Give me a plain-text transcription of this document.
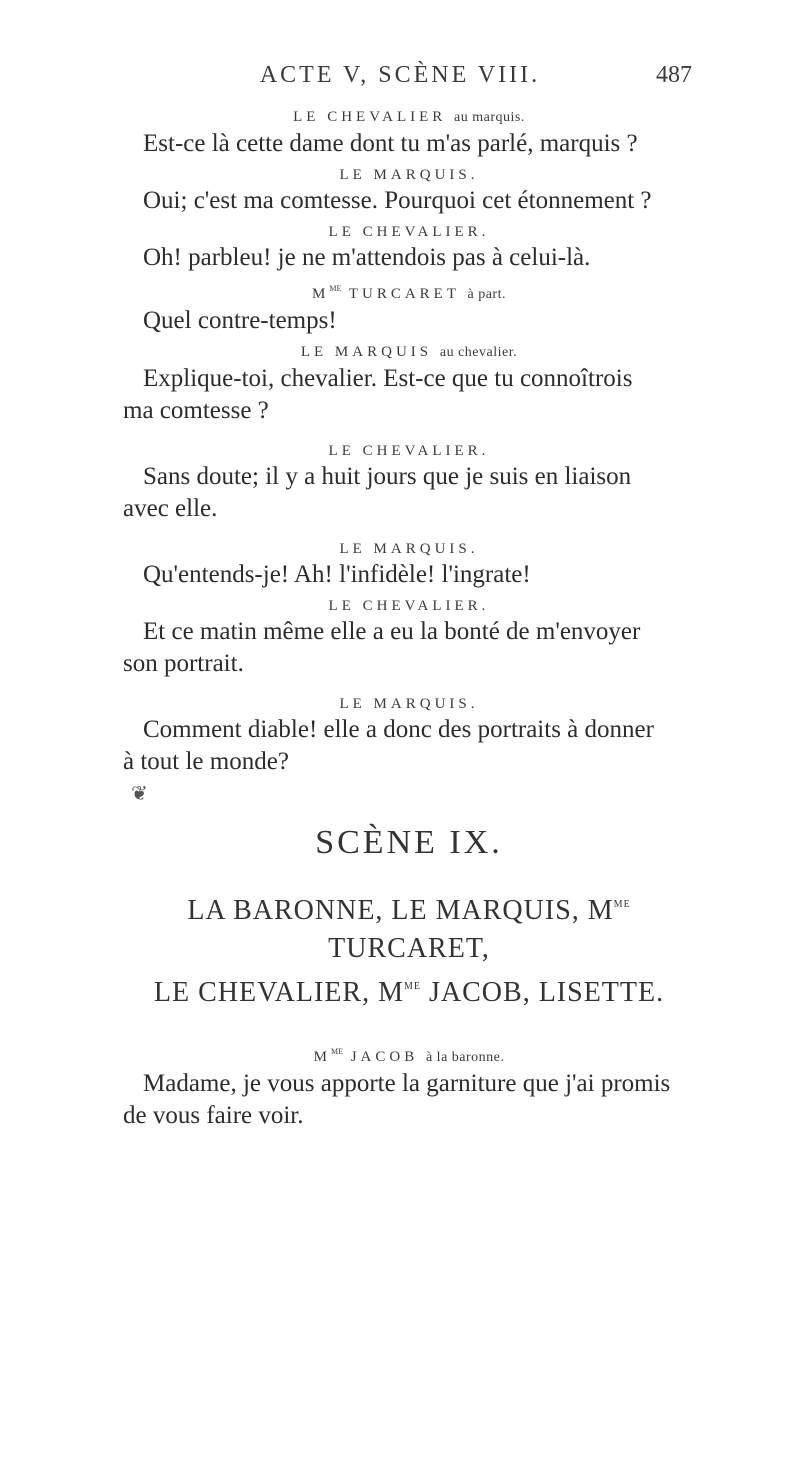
ACTE V, SCÈNE VIII.	487
LE CHEVALIER au marquis.

Est-ce là cette dame dont tu m'as parlé, marquis ?

LE MARQUIS.

Oui; c'est ma comtesse. Pourquoi cet étonnement ?

LE CHEVALIER.

Oh! parbleu! je ne m'attendois pas à celui-là.

$M^{ME}$ TURCARET à part.

Quel contre-temps!

LE MARQUIS au chevalier.

Explique-toi, chevalier. Est-ce que tu connoîtrois

ma comtesse ?

LE CHEVALIER.

Sans doute; il y a huit jours que je suis en liaison

avec elle.

LE MARQUIS.

Qu'entends-je! Ah! l'infidèle! l'ingrate!

LE CHEVALIER.

Et ce matin même elle a eu la bonté de m'envoyer

son portrait.

LE MARQUIS.

Comment diable! elle a donc des portraits à donner

à tout le monde?

❦
SCÈNE IX.
LA BARONNE, LE MARQUIS, $M^{ME}$ TURCARET,
LE CHEVALIER, $M^{ME}$ JACOB, LISETTE.
$M^{ME}$ JACOB à la baronne.

Madame, je vous apporte la garniture que j'ai promis

de vous faire voir.
